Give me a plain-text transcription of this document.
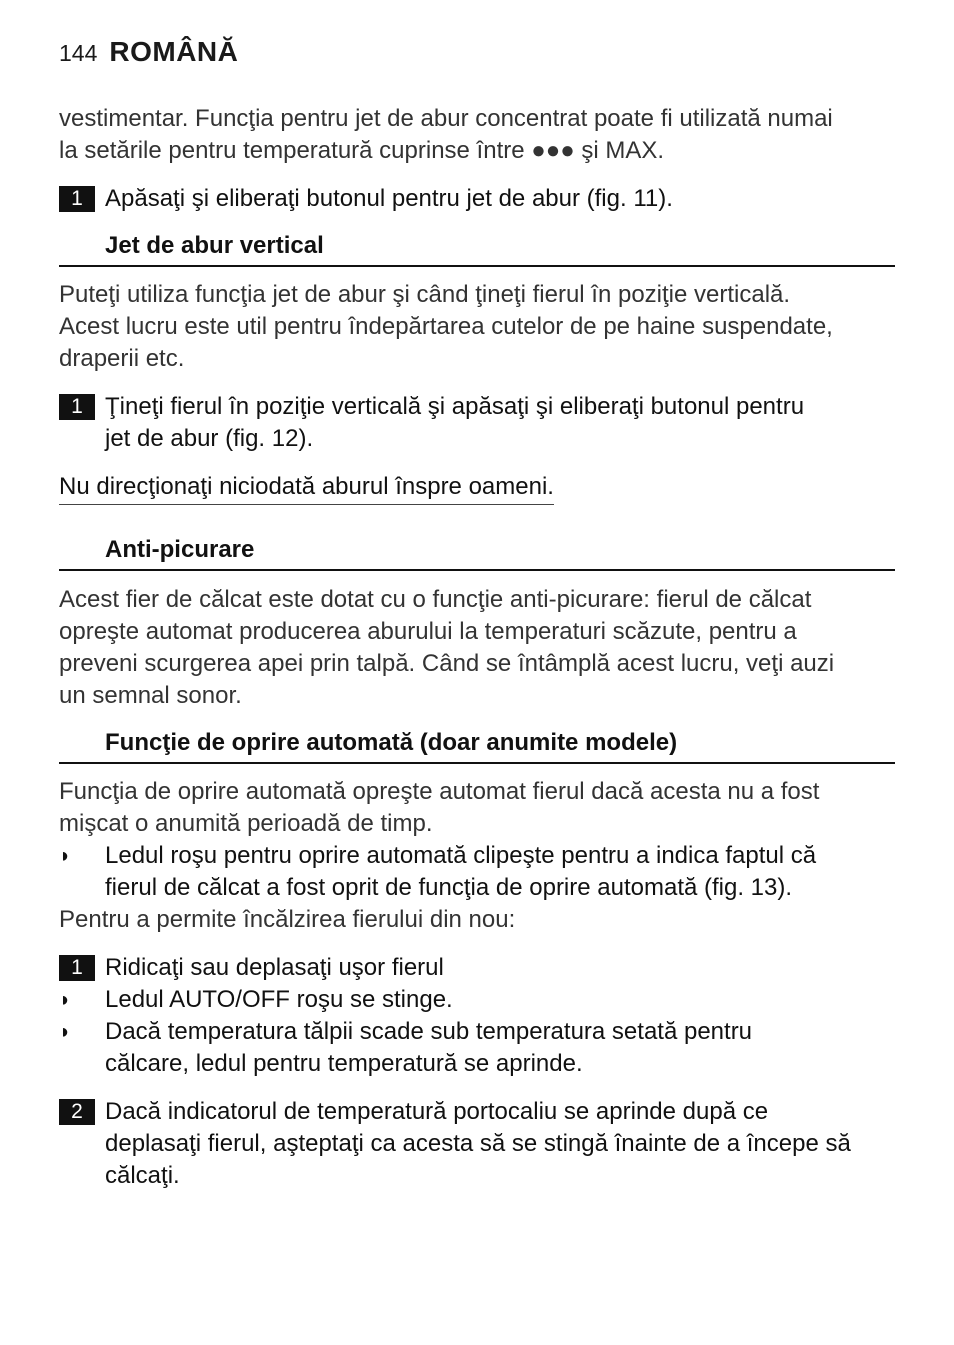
144 ROMÂNĂ
vestimentar. Funcţia pentru jet de abur concentrat poate fi utilizată numai
la setările pentru temperatură cuprinse între ●●● şi MAX.
1 Apăsaţi şi eliberaţi butonul pentru jet de abur (fig. 11).
Jet de abur vertical
Puteţi utiliza funcţia jet de abur şi când ţineţi fierul în poziţie verticală.
Acest lucru este util pentru îndepărtarea cutelor de pe haine suspendate,
draperii etc.
1 Ţineţi fierul în poziţie verticală şi apăsaţi şi eliberaţi butonul pentru
jet de abur (fig. 12).
Nu direcţionaţi niciodată aburul înspre oameni.
Anti-picurare
Acest fier de călcat este dotat cu o funcţie anti-picurare: fierul de călcat
opreşte automat producerea aburului la temperaturi scăzute, pentru a
preveni scurgerea apei prin talpă. Când se întâmplă acest lucru, veţi auzi
un semnal sonor.
Funcţie de oprire automată (doar anumite modele)
Funcţia de oprire automată opreşte automat fierul dacă acesta nu a fost
mişcat o anumită perioadă de timp.
◗ Ledul roşu pentru oprire automată clipeşte pentru a indica faptul că
fierul de călcat a fost oprit de funcţia de oprire automată (fig. 13).
Pentru a permite încălzirea fierului din nou:
1 Ridicaţi sau deplasaţi uşor fierul
◗ Ledul AUTO/OFF roşu se stinge.
◗ Dacă temperatura tălpii scade sub temperatura setată pentru
călcare, ledul pentru temperatură se aprinde.
2 Dacă indicatorul de temperatură portocaliu se aprinde după ce
deplasaţi fierul, aşteptaţi ca acesta să se stingă înainte de a începe să
călcaţi.
